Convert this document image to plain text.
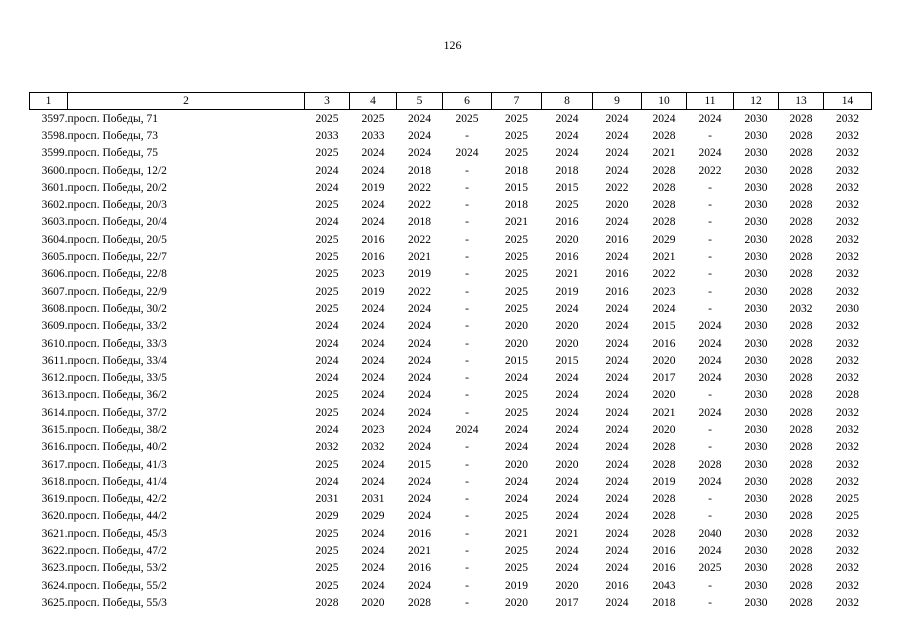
126
1	2	3	4	5	6	7	8	9	10	11	12	13	14
3597.	просп. Победы, 71	2025	2025	2024	2025	2025	2024	2024	2024	2024	2030	2028	2032
3598.	просп. Победы, 73	2033	2033	2024	-	2025	2024	2024	2028	-	2030	2028	2032
3599.	просп. Победы, 75	2025	2024	2024	2024	2025	2024	2024	2021	2024	2030	2028	2032
3600.	просп. Победы, 12/2	2024	2024	2018	-	2018	2018	2024	2028	2022	2030	2028	2032
3601.	просп. Победы, 20/2	2024	2019	2022	-	2015	2015	2022	2028	-	2030	2028	2032
3602.	просп. Победы, 20/3	2025	2024	2022	-	2018	2025	2020	2028	-	2030	2028	2032
3603.	просп. Победы, 20/4	2024	2024	2018	-	2021	2016	2024	2028	-	2030	2028	2032
3604.	просп. Победы, 20/5	2025	2016	2022	-	2025	2020	2016	2029	-	2030	2028	2032
3605.	просп. Победы, 22/7	2025	2016	2021	-	2025	2016	2024	2021	-	2030	2028	2032
3606.	просп. Победы, 22/8	2025	2023	2019	-	2025	2021	2016	2022	-	2030	2028	2032
3607.	просп. Победы, 22/9	2025	2019	2022	-	2025	2019	2016	2023	-	2030	2028	2032
3608.	просп. Победы, 30/2	2025	2024	2024	-	2025	2024	2024	2024	-	2030	2032	2030
3609.	просп. Победы, 33/2	2024	2024	2024	-	2020	2020	2024	2015	2024	2030	2028	2032
3610.	просп. Победы, 33/3	2024	2024	2024	-	2020	2020	2024	2016	2024	2030	2028	2032
3611.	просп. Победы, 33/4	2024	2024	2024	-	2015	2015	2024	2020	2024	2030	2028	2032
3612.	просп. Победы, 33/5	2024	2024	2024	-	2024	2024	2024	2017	2024	2030	2028	2032
3613.	просп. Победы, 36/2	2025	2024	2024	-	2025	2024	2024	2020	-	2030	2028	2028
3614.	просп. Победы, 37/2	2025	2024	2024	-	2025	2024	2024	2021	2024	2030	2028	2032
3615.	просп. Победы, 38/2	2024	2023	2024	2024	2024	2024	2024	2020	-	2030	2028	2032
3616.	просп. Победы, 40/2	2032	2032	2024	-	2024	2024	2024	2028	-	2030	2028	2032
3617.	просп. Победы, 41/3	2025	2024	2015	-	2020	2020	2024	2028	2028	2030	2028	2032
3618.	просп. Победы, 41/4	2024	2024	2024	-	2024	2024	2024	2019	2024	2030	2028	2032
3619.	просп. Победы, 42/2	2031	2031	2024	-	2024	2024	2024	2028	-	2030	2028	2025
3620.	просп. Победы, 44/2	2029	2029	2024	-	2025	2024	2024	2028	-	2030	2028	2025
3621.	просп. Победы, 45/3	2025	2024	2016	-	2021	2021	2024	2028	2040	2030	2028	2032
3622.	просп. Победы, 47/2	2025	2024	2021	-	2025	2024	2024	2016	2024	2030	2028	2032
3623.	просп. Победы, 53/2	2025	2024	2016	-	2025	2024	2024	2016	2025	2030	2028	2032
3624.	просп. Победы, 55/2	2025	2024	2024	-	2019	2020	2016	2043	-	2030	2028	2032
3625.	просп. Победы, 55/3	2028	2020	2028	-	2020	2017	2024	2018	-	2030	2028	2032
